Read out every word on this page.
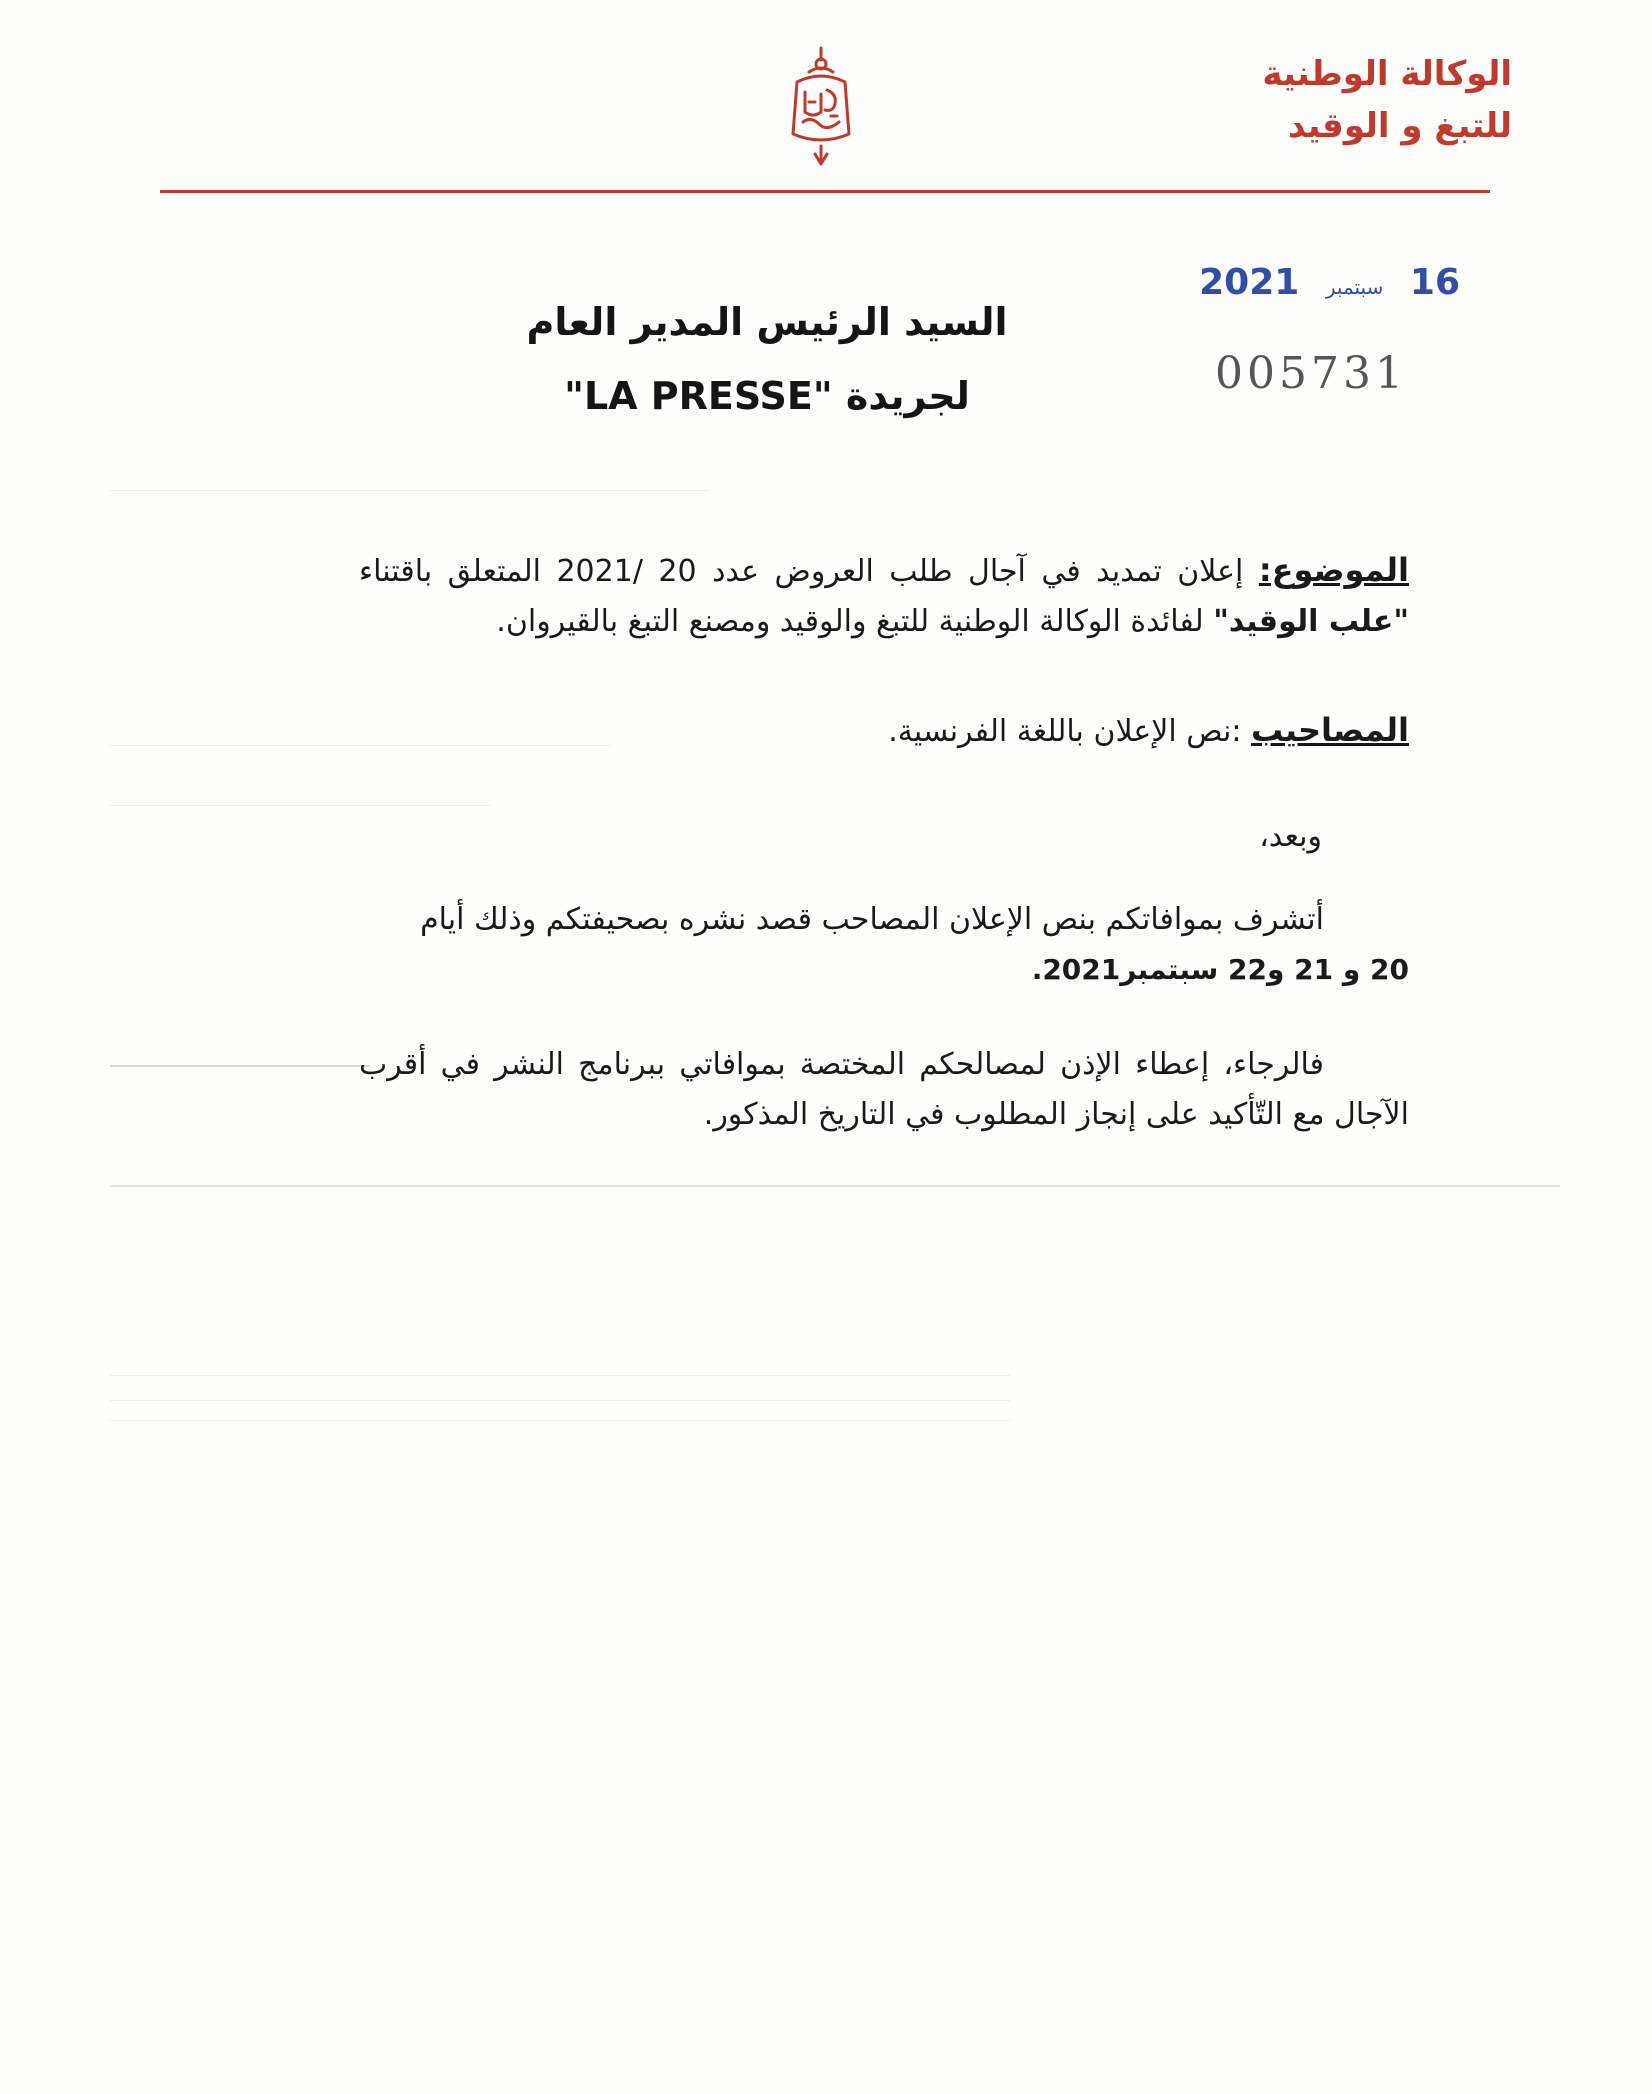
الوكالة الوطنية
للتبغ و الوقيد
16 سبتمبر 2021
005731
السيد الرئيس المدير العام
لجريدة "LA PRESSE"
الموضوع: إعلان تمديد في آجال طلب العروض عدد 20 /2021 المتعلق باقتناء "علب الوقيد" لفائدة الوكالة الوطنية للتبغ والوقيد ومصنع التبغ بالقيروان.
المصاحيب :نص الإعلان باللغة الفرنسية.
وبعد،
أتشرف بموافاتكم بنص الإعلان المصاحب قصد نشره بصحيفتكم وذلك أيام
20 و 21 و22 سبتمبر2021.
فالرجاء، إعطاء الإذن لمصالحكم المختصة بموافاتي ببرنامج النشر في أقرب الآجال مع التّأكيد على إنجاز المطلوب في التاريخ المذكور.
